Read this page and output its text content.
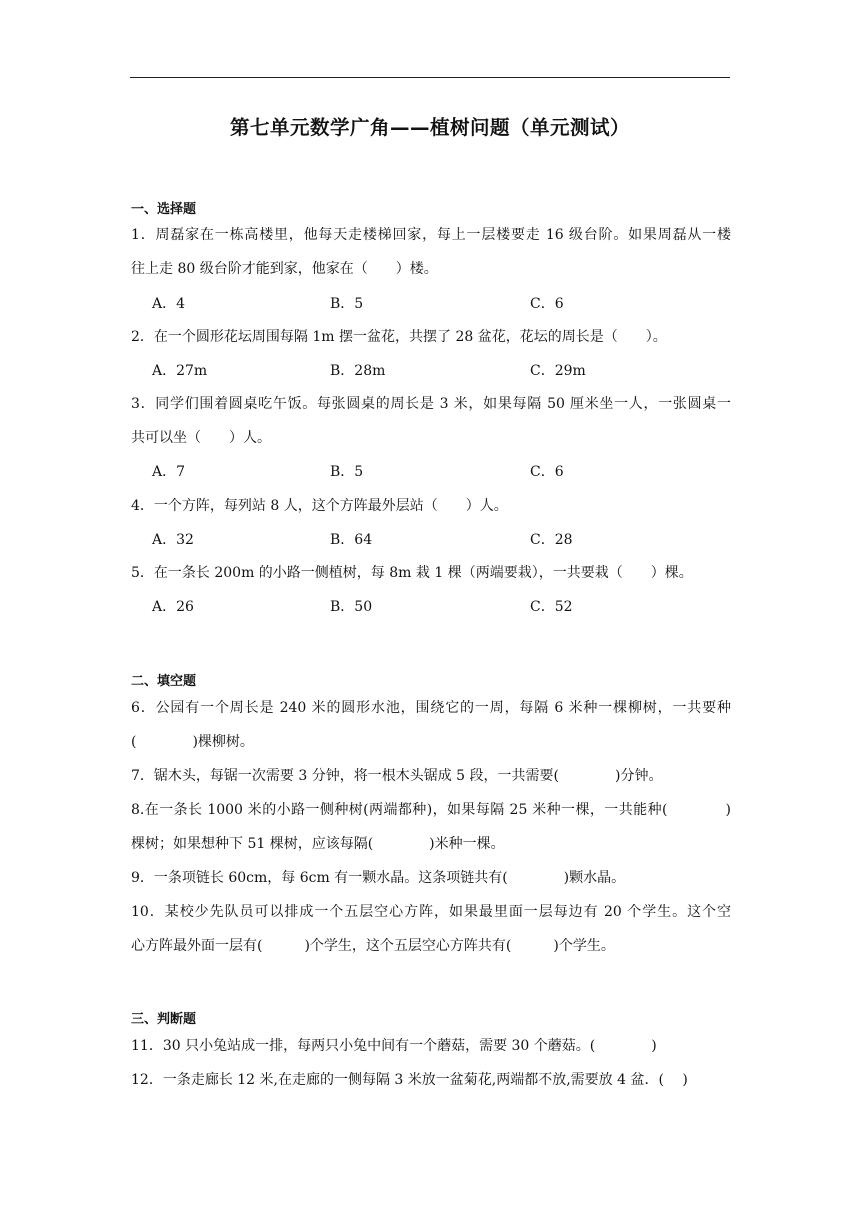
第七单元数学广角——植树问题（单元测试）
一、选择题
1．周磊家在一栋高楼里，他每天走楼梯回家，每上一层楼要走 16 级台阶。如果周磊从一楼
往上走 80 级台阶才能到家，他家在（　　）楼。
A．4	B．5	C．6
2．在一个圆形花坛周围每隔 1m 摆一盆花，共摆了 28 盆花，花坛的周长是（　　）。
A．27m	B．28m	C．29m
3．同学们围着圆桌吃午饭。每张圆桌的周长是 3 米，如果每隔 50 厘米坐一人，一张圆桌一
共可以坐（　　）人。
A．7	B．5	C．6
4．一个方阵，每列站 8 人，这个方阵最外层站（　　）人。
A．32	B．64	C．28
5．在一条长 200m 的小路一侧植树，每 8m 栽 1 棵（两端要栽），一共要栽（　　）棵。
A．26	B．50	C．52
二、填空题
6．公园有一个周长是 240 米的圆形水池，围绕它的一周，每隔 6 米种一棵柳树，一共要种
(　　　　)棵柳树。
7．锯木头，每锯一次需要 3 分钟，将一根木头锯成 5 段，一共需要(　　　　)分钟。
8.在一条长 1000 米的小路一侧种树(两端都种)，如果每隔 25 米种一棵，一共能种(　　　　)
棵树；如果想种下 51 棵树，应该每隔(　　　　)米种一棵。
9．一条项链长 60cm，每 6cm 有一颗水晶。这条项链共有(　　　　)颗水晶。
10．某校少先队员可以排成一个五层空心方阵，如果最里面一层每边有 20 个学生。这个空
心方阵最外面一层有(　　　)个学生，这个五层空心方阵共有(　　　)个学生。
三、判断题
11．30 只小兔站成一排，每两只小兔中间有一个蘑菇，需要 30 个蘑菇。(　　　　)
12．一条走廊长 12 米,在走廊的一侧每隔 3 米放一盆菊花,两端都不放,需要放 4 盆．(　 )
